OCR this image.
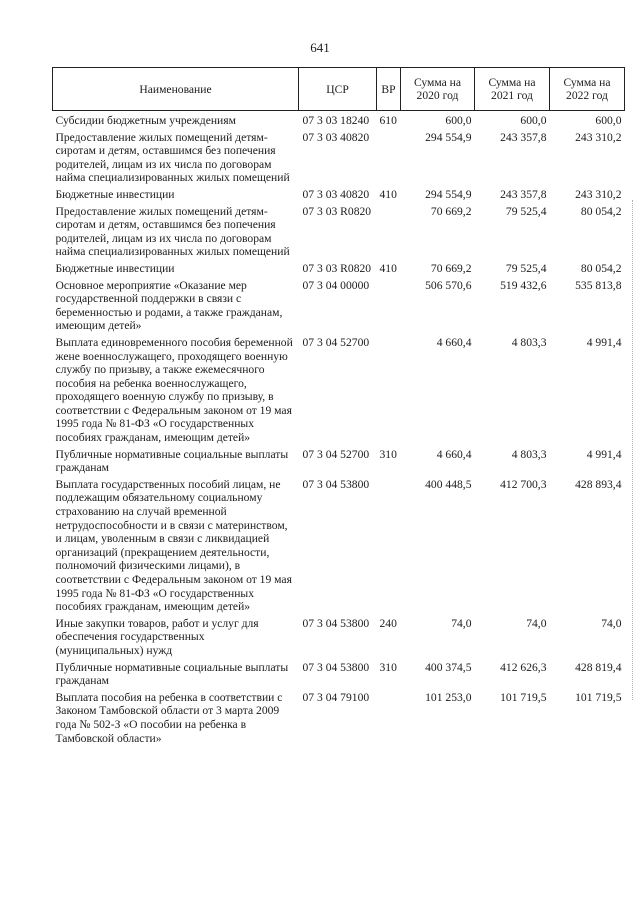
641
Наименование	ЦСР	ВР	Сумма на 2020 год	Сумма на 2021 год	Сумма на 2022 год

Субсидии бюджетным учреждениям	07 3 03 18240	610	600,0	600,0	600,0
Предоставление жилых помещений детям-сиротам и детям, оставшимся без попечения родителей, лицам из их числа по договорам найма специализированных жилых помещений	07 3 03 40820		294 554,9	243 357,8	243 310,2
Бюджетные инвестиции	07 3 03 40820	410	294 554,9	243 357,8	243 310,2
Предоставление жилых помещений детям-сиротам и детям, оставшимся без попечения родителей, лицам из их числа по договорам найма специализированных жилых помещений	07 3 03 R0820		70 669,2	79 525,4	80 054,2
Бюджетные инвестиции	07 3 03 R0820	410	70 669,2	79 525,4	80 054,2
Основное мероприятие «Оказание мер государственной поддержки в связи с беременностью и родами, а также гражданам, имеющим детей»	07 3 04 00000		506 570,6	519 432,6	535 813,8
Выплата единовременного пособия беременной жене военнослужащего, проходящего военную службу по призыву, а также ежемесячного пособия на ребенка военнослужащего, проходящего военную службу по призыву, в соответствии с Федеральным законом от 19 мая 1995 года № 81-ФЗ «О государственных пособиях гражданам, имеющим детей»	07 3 04 52700		4 660,4	4 803,3	4 991,4
Публичные нормативные социальные выплаты гражданам	07 3 04 52700	310	4 660,4	4 803,3	4 991,4
Выплата государственных пособий лицам, не подлежащим обязательному социальному страхованию на случай временной нетрудоспособности и в связи с материнством, и лицам, уволенным в связи с ликвидацией организаций (прекращением деятельности, полномочий физическими лицами), в соответствии с Федеральным законом от 19 мая 1995 года № 81-ФЗ «О государственных пособиях гражданам, имеющим детей»	07 3 04 53800		400 448,5	412 700,3	428 893,4
Иные закупки товаров, работ и услуг для обеспечения государственных (муниципальных) нужд	07 3 04 53800	240	74,0	74,0	74,0
Публичные нормативные социальные выплаты гражданам	07 3 04 53800	310	400 374,5	412 626,3	428 819,4
Выплата пособия на ребенка в соответствии с Законом Тамбовской области от 3 марта 2009 года № 502-З «О пособии на ребенка в Тамбовской области»	07 3 04 79100		101 253,0	101 719,5	101 719,5
